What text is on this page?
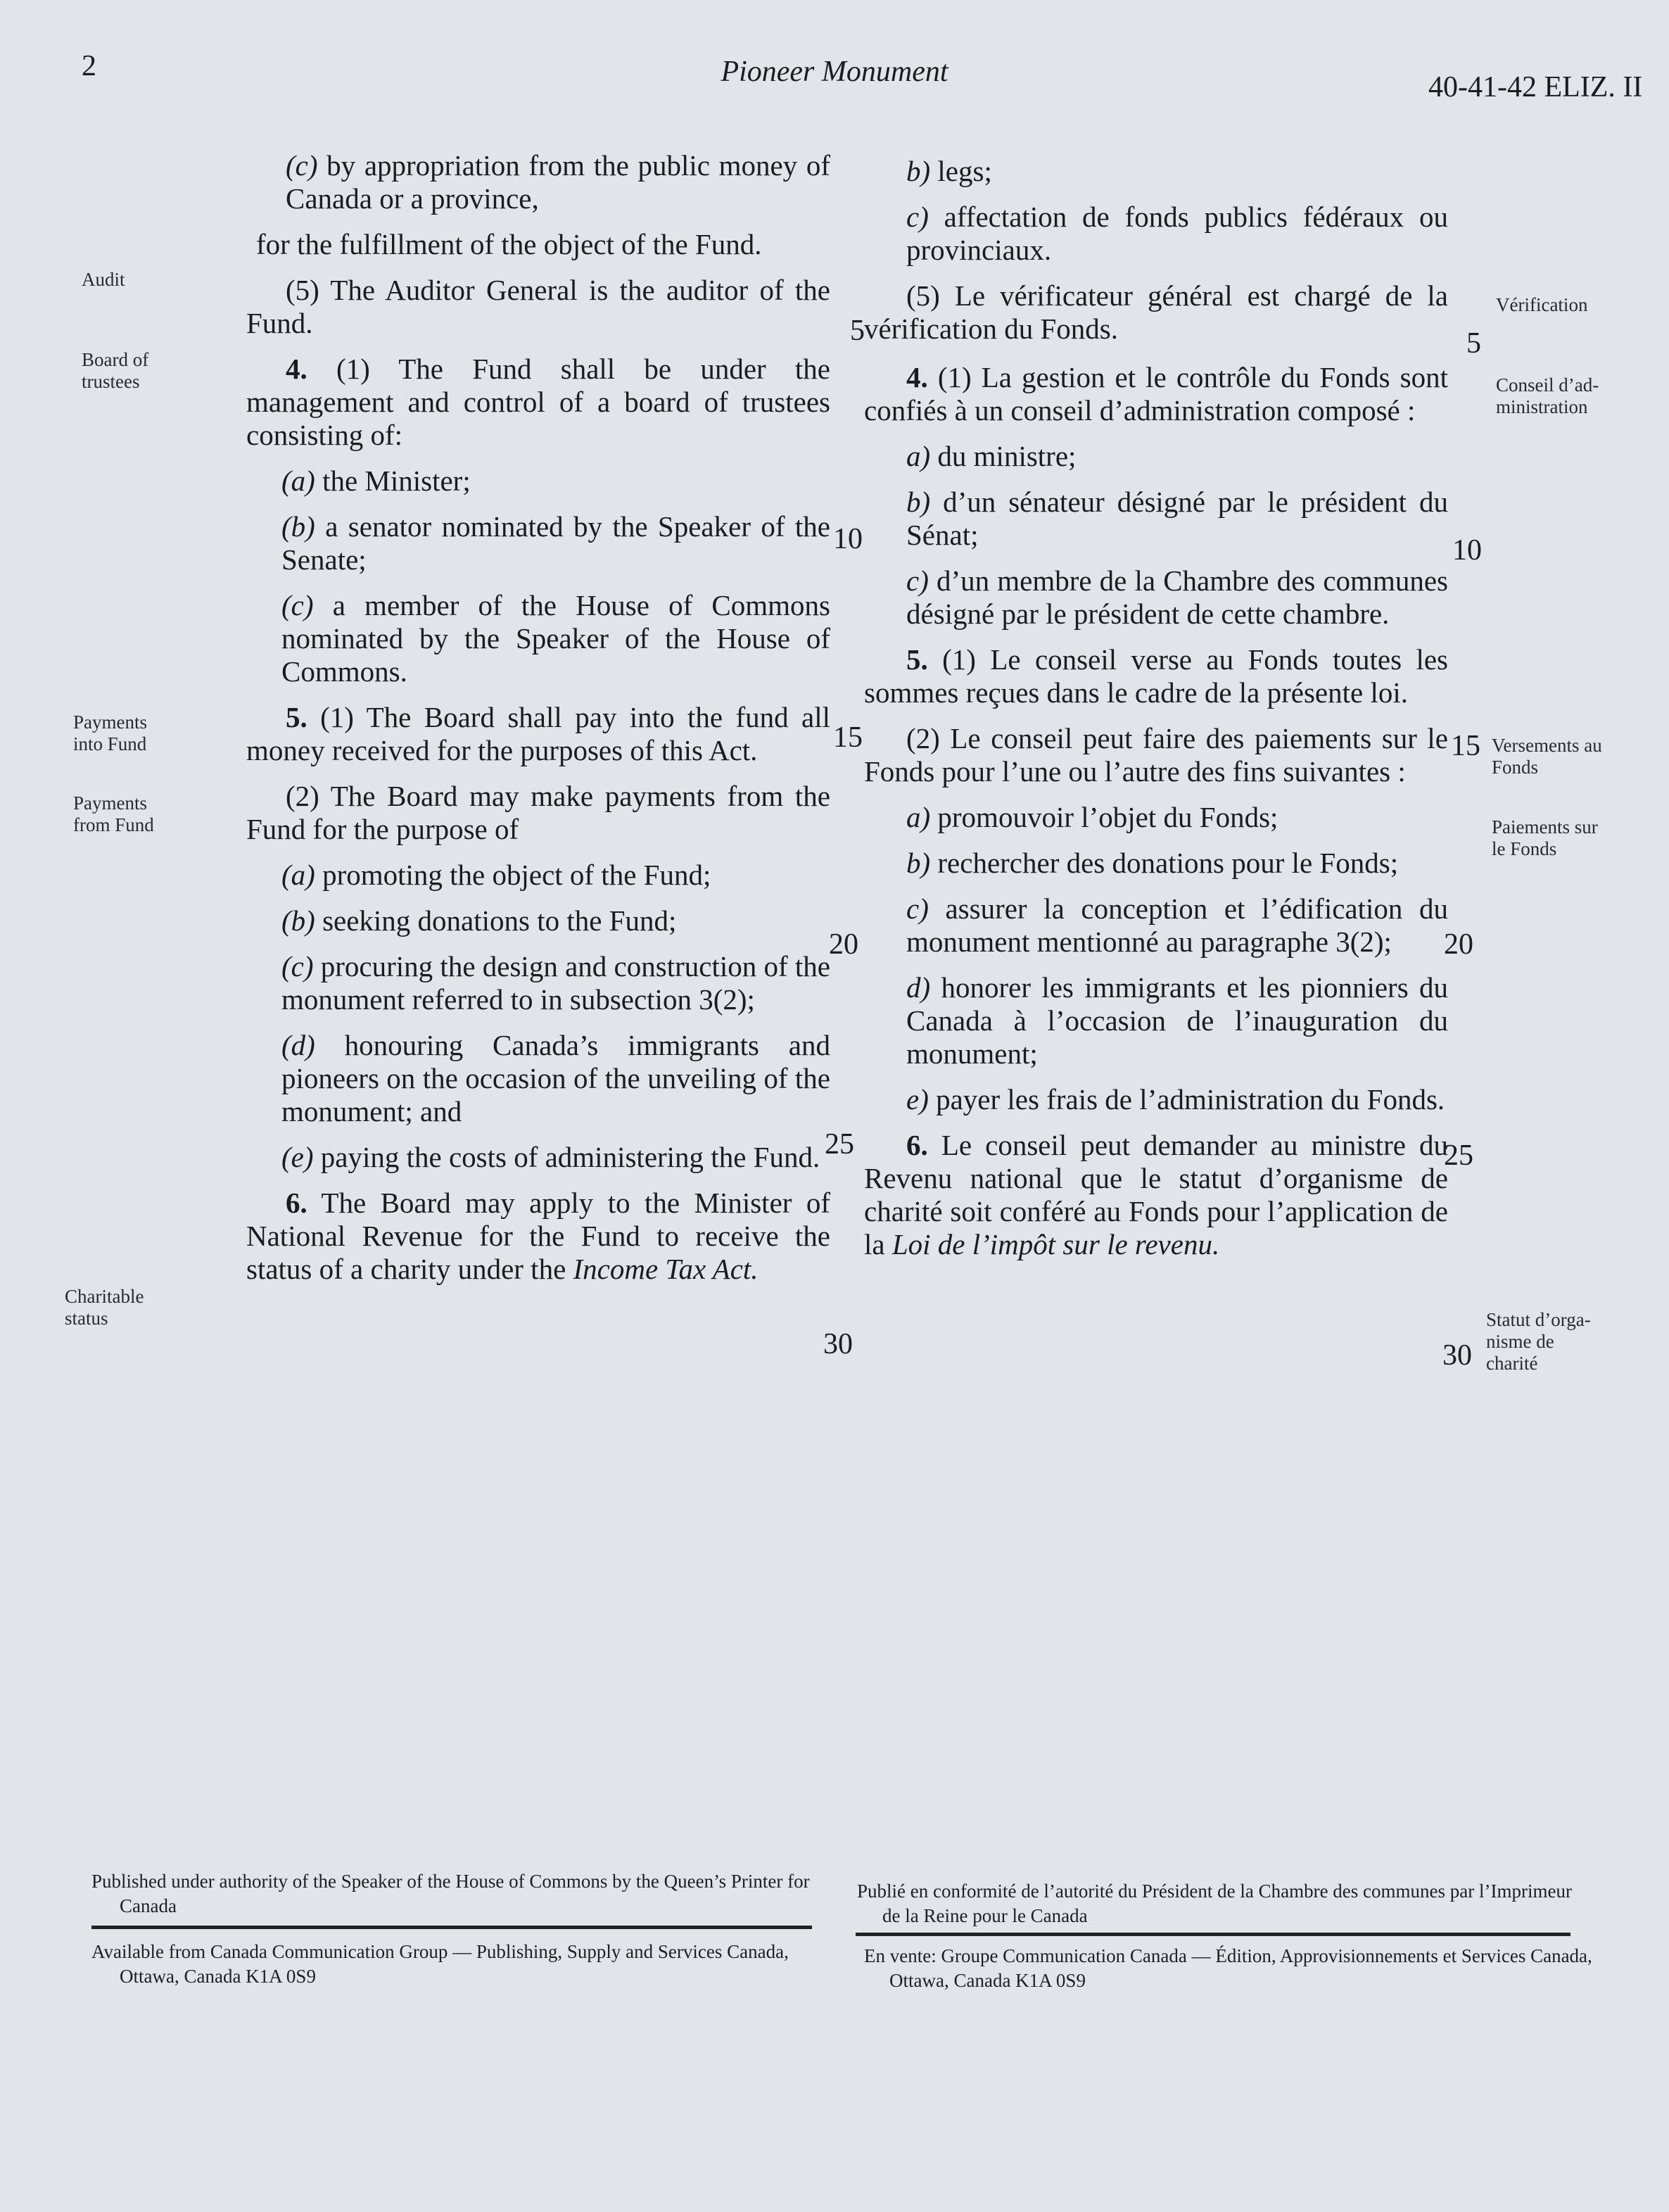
2	Pioneer Monument	40-41-42 ELIZ. II
Audit
Board of trustees
Payments into Fund
Payments from Fund
Charitable status

(c) by appropriation from the public money of Canada or a province,

for the fulfillment of the object of the Fund.

(5) The Auditor General is the auditor of the Fund.

4. (1) The Fund shall be under the management and control of a board of trustees consisting of:

(a) the Minister;

(b) a senator nominated by the Speaker of the Senate;

(c) a member of the House of Commons nominated by the Speaker of the House of Commons.

5. (1) The Board shall pay into the fund all money received for the purposes of this Act.

(2) The Board may make payments from the Fund for the purpose of

(a) promoting the object of the Fund;

(b) seeking donations to the Fund;

(c) procuring the design and construction of the monument referred to in subsection 3(2);

(d) honouring Canada’s immigrants and pioneers on the occasion of the unveiling of the monument; and

(e) paying the costs of administering the Fund.

6. The Board may apply to the Minister of National Revenue for the Fund to receive the status of a charity under the Income Tax Act.

5
10
15
20
25
30

b) legs;

c) affectation de fonds publics fédéraux ou provinciaux.

(5) Le vérificateur général est chargé de la vérification du Fonds.

4. (1) La gestion et le contrôle du Fonds sont confiés à un conseil d’administration composé :

a) du ministre;

b) d’un sénateur désigné par le président du Sénat;

c) d’un membre de la Chambre des communes désigné par le président de cette chambre.

5. (1) Le conseil verse au Fonds toutes les sommes reçues dans le cadre de la présente loi.

(2) Le conseil peut faire des paiements sur le Fonds pour l’une ou l’autre des fins suivantes :

a) promouvoir l’objet du Fonds;

b) rechercher des donations pour le Fonds;

c) assurer la conception et l’édification du monument mentionné au paragraphe 3(2);

d) honorer les immigrants et les pionniers du Canada à l’occasion de l’inauguration du monument;

e) payer les frais de l’administration du Fonds.

6. Le conseil peut demander au ministre du Revenu national que le statut d’organisme de charité soit conféré au Fonds pour l’application de la Loi de l’impôt sur le revenu.

5
10
15
20
25
30
Vérification
Conseil d’ad-ministration
Versements au Fonds
Paiements sur le Fonds
Statut d’orga-nisme de charité
Published under authority of the Speaker of the House of Commons by the Queen’s Printer for Canada
Available from Canada Communication Group — Publishing, Supply and Services Canada, Ottawa, Canada K1A 0S9
Publié en conformité de l’autorité du Président de la Chambre des communes par l’Imprimeur de la Reine pour le Canada
En vente: Groupe Communication Canada — Édition, Approvisionnements et Services Canada, Ottawa, Canada K1A 0S9
